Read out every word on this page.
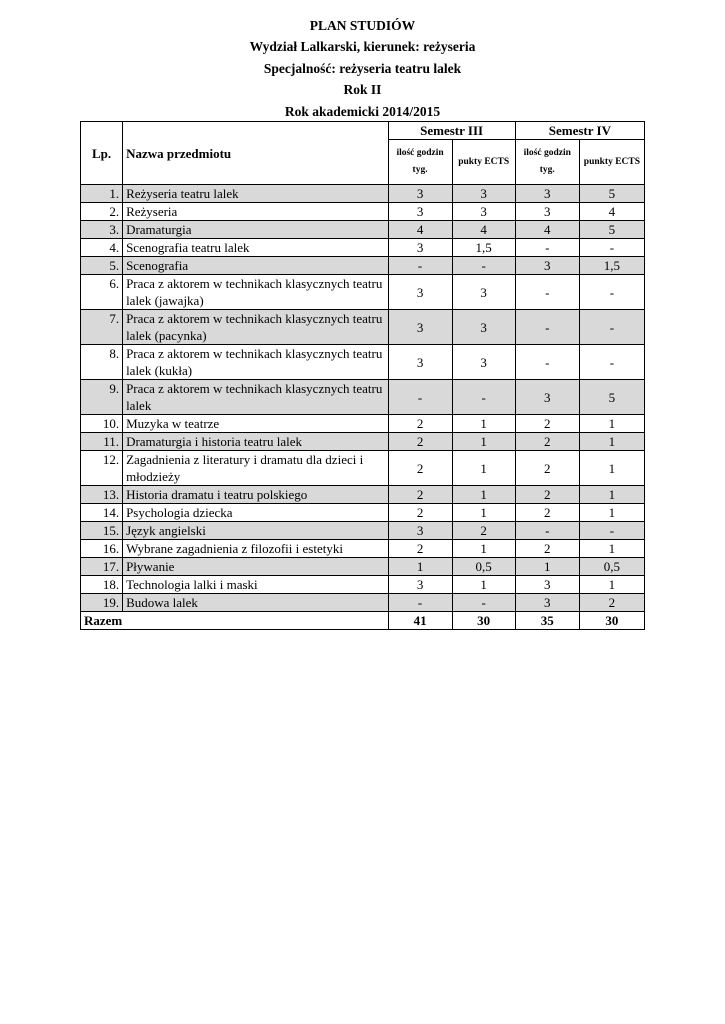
PLAN STUDIÓW
Wydział Lalkarski, kierunek: reżyseria
Specjalność: reżyseria teatru lalek
Rok II
Rok akademicki 2014/2015
Lp.	Nazwa przedmiotu	Semestr III		Semestr IV	
		ilość godzin tyg.	pukty ECTS	ilość godzin tyg.	punkty ECTS
1.	Reżyseria teatru lalek	3	3	3	5
2.	Reżyseria	3	3	3	4
3.	Dramaturgia	4	4	4	5
4.	Scenografia teatru lalek	3	1,5	-	-
5.	Scenografia	-	-	3	1,5
6.	Praca z aktorem w technikach klasycznych teatru lalek (jawajka)	3	3	-	-
7.	Praca z aktorem w technikach klasycznych teatru lalek (pacynka)	3	3	-	-
8.	Praca z aktorem w technikach klasycznych teatru lalek (kukła)	3	3	-	-
9.	Praca z aktorem w technikach klasycznych teatru lalek	-	-	3	5
10.	Muzyka w teatrze	2	1	2	1
11.	Dramaturgia i historia teatru lalek	2	1	2	1
12.	Zagadnienia z literatury i dramatu dla dzieci i młodzieży	2	1	2	1
13.	Historia dramatu i teatru polskiego	2	1	2	1
14.	Psychologia dziecka	2	1	2	1
15.	Język angielski	3	2	-	-
16.	Wybrane zagadnienia z filozofii i estetyki	2	1	2	1
17.	Pływanie	1	0,5	1	0,5
18.	Technologia lalki i maski	3	1	3	1
19.	Budowa lalek	-	-	3	2
Razem		41	30	35	30
